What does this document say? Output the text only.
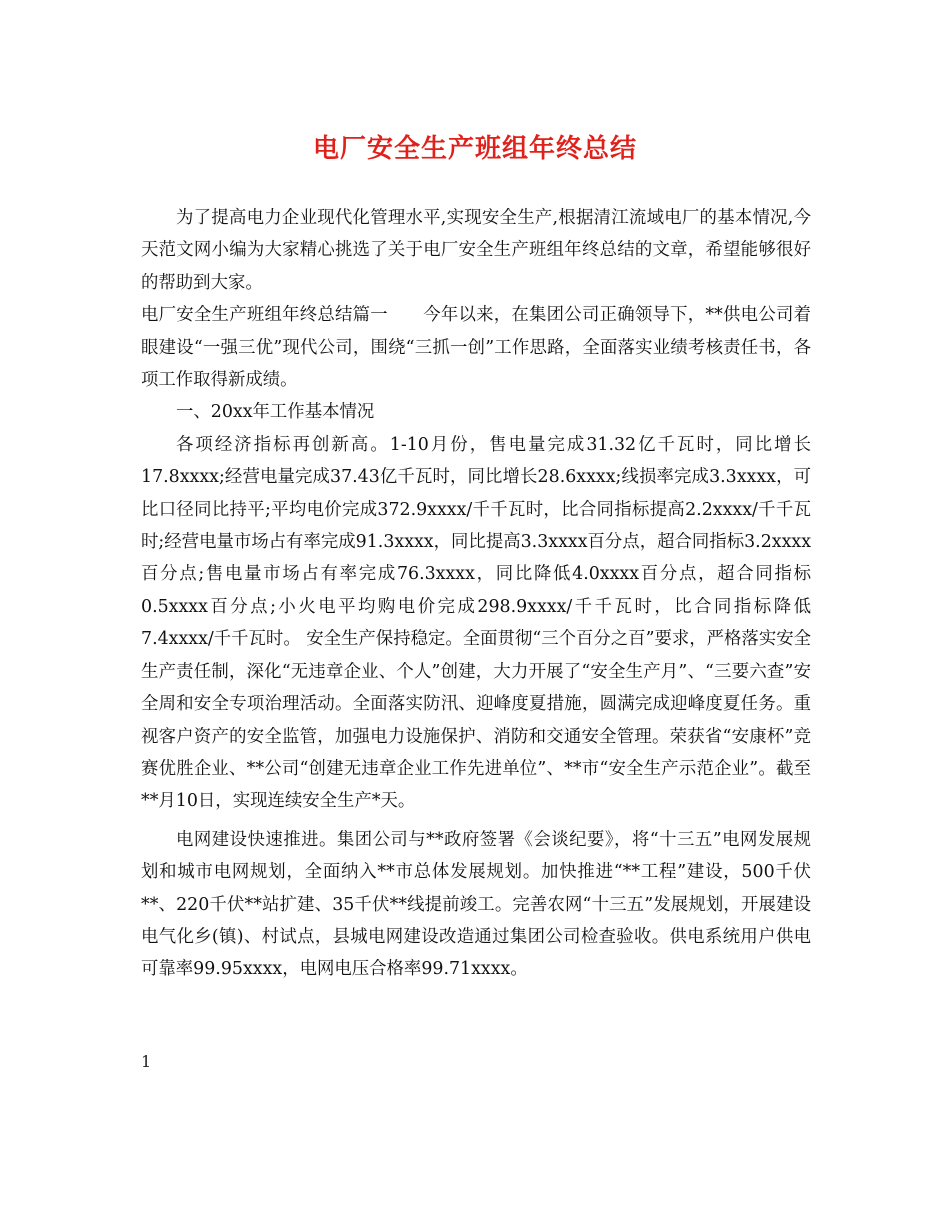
电厂安全生产班组年终总结

为了提高电力企业现代化管理水平,实现安全生产,根据清江流域电厂的基本情况,今天范文网小编为大家精心挑选了关于电厂安全生产班组年终总结的文章，希望能够很好的帮助到大家。

电厂安全生产班组年终总结篇一　　今年以来，在集团公司正确领导下，**供电公司着眼建设“一强三优”现代公司，围绕“三抓一创”工作思路，全面落实业绩考核责任书，各项工作取得新成绩。

一、20xx年工作基本情况

各项经济指标再创新高。1-10月份，售电量完成31.32亿千瓦时，同比增长17.8xxxx;经营电量完成37.43亿千瓦时，同比增长28.6xxxx;线损率完成3.3xxxx，可比口径同比持平;平均电价完成372.9xxxx/千千瓦时，比合同指标提高2.2xxxx/千千瓦时;经营电量市场占有率完成91.3xxxx，同比提高3.3xxxx百分点，超合同指标3.2xxxx百分点;售电量市场占有率完成76.3xxxx，同比降低4.0xxxx百分点，超合同指标0.5xxxx百分点;小火电平均购电价完成298.9xxxx/千千瓦时，比合同指标降低7.4xxxx/千千瓦时。 安全生产保持稳定。全面贯彻“三个百分之百”要求，严格落实安全生产责任制，深化“无违章企业、个人”创建，大力开展了“安全生产月”、“三要六查”安全周和安全专项治理活动。全面落实防汛、迎峰度夏措施，圆满完成迎峰度夏任务。重视客户资产的安全监管，加强电力设施保护、消防和交通安全管理。荣获省“安康杯”竞赛优胜企业、**公司“创建无违章企业工作先进单位”、**市“安全生产示范企业”。截至**月10日，实现连续安全生产*天。

电网建设快速推进。集团公司与**政府签署《会谈纪要》，将“十三五”电网发展规划和城市电网规划，全面纳入**市总体发展规划。加快推进“**工程”建设，500千伏**、220千伏**站扩建、35千伏**线提前竣工。完善农网“十三五”发展规划，开展建设电气化乡(镇)、村试点，县城电网建设改造通过集团公司检查验收。供电系统用户供电可靠率99.95xxxx，电网电压合格率99.71xxxx。

1
